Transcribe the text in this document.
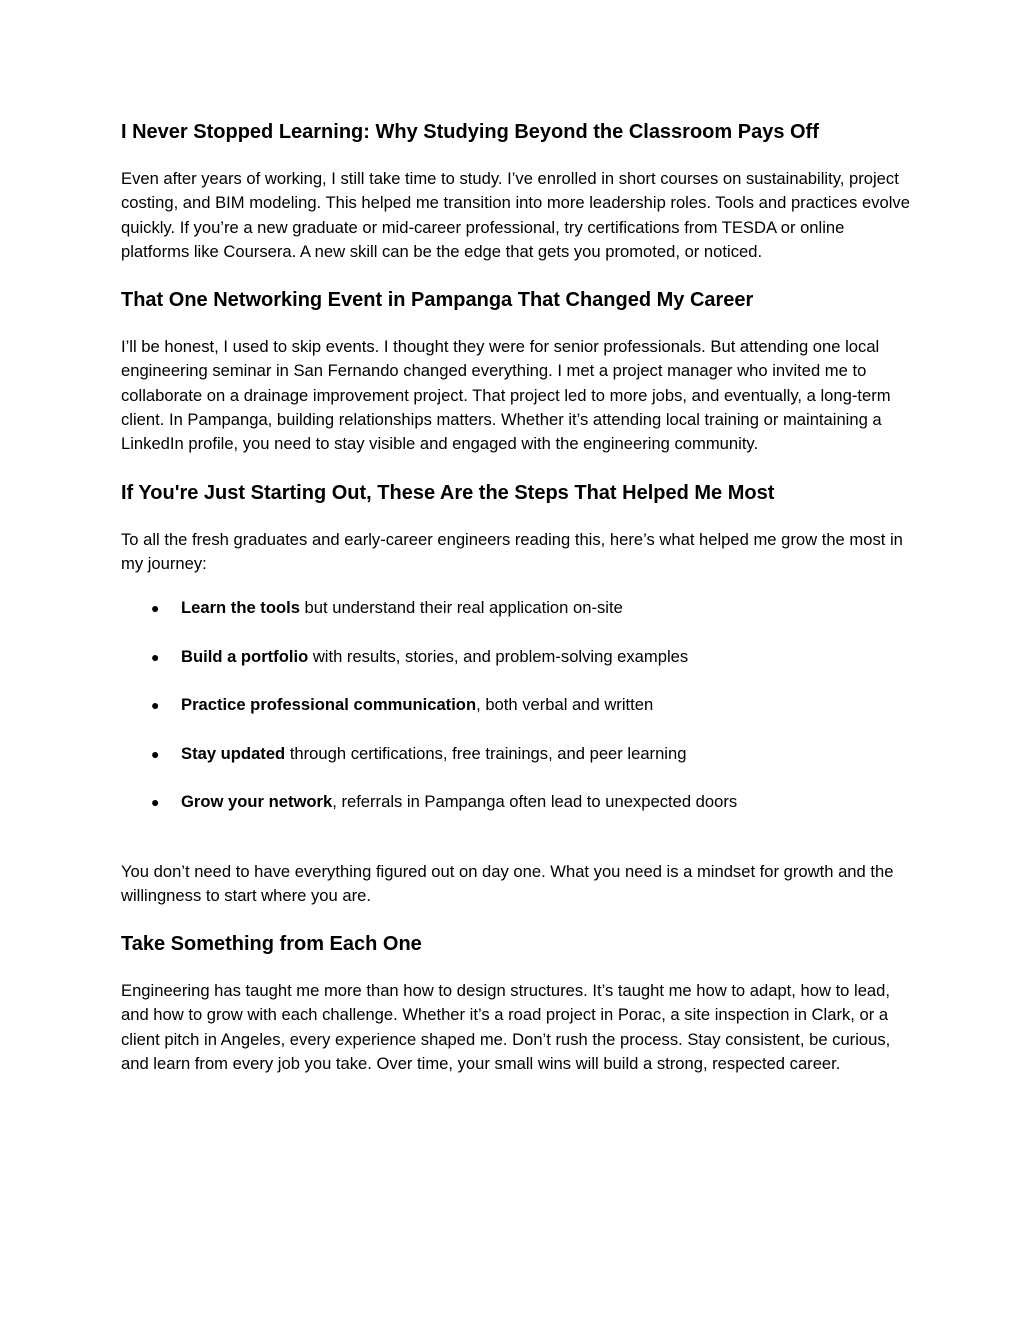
I Never Stopped Learning: Why Studying Beyond the Classroom Pays Off

Even after years of working, I still take time to study. I’ve enrolled in short courses on sustainability, project costing, and BIM modeling. This helped me transition into more leadership roles. Tools and practices evolve quickly. If you’re a new graduate or mid-career professional, try certifications from TESDA or online platforms like Coursera. A new skill can be the edge that gets you promoted, or noticed.

That One Networking Event in Pampanga That Changed My Career

I’ll be honest, I used to skip events. I thought they were for senior professionals. But attending one local engineering seminar in San Fernando changed everything. I met a project manager who invited me to collaborate on a drainage improvement project. That project led to more jobs, and eventually, a long-term client. In Pampanga, building relationships matters. Whether it’s attending local training or maintaining a LinkedIn profile, you need to stay visible and engaged with the engineering community.

If You're Just Starting Out, These Are the Steps That Helped Me Most

To all the fresh graduates and early-career engineers reading this, here’s what helped me grow the most in my journey:

● Learn the tools but understand their real application on-site
● Build a portfolio with results, stories, and problem-solving examples
● Practice professional communication, both verbal and written
● Stay updated through certifications, free trainings, and peer learning
● Grow your network, referrals in Pampanga often lead to unexpected doors

You don’t need to have everything figured out on day one. What you need is a mindset for growth and the willingness to start where you are.

Take Something from Each One

Engineering has taught me more than how to design structures. It’s taught me how to adapt, how to lead, and how to grow with each challenge. Whether it’s a road project in Porac, a site inspection in Clark, or a client pitch in Angeles, every experience shaped me. Don’t rush the process. Stay consistent, be curious, and learn from every job you take. Over time, your small wins will build a strong, respected career.
